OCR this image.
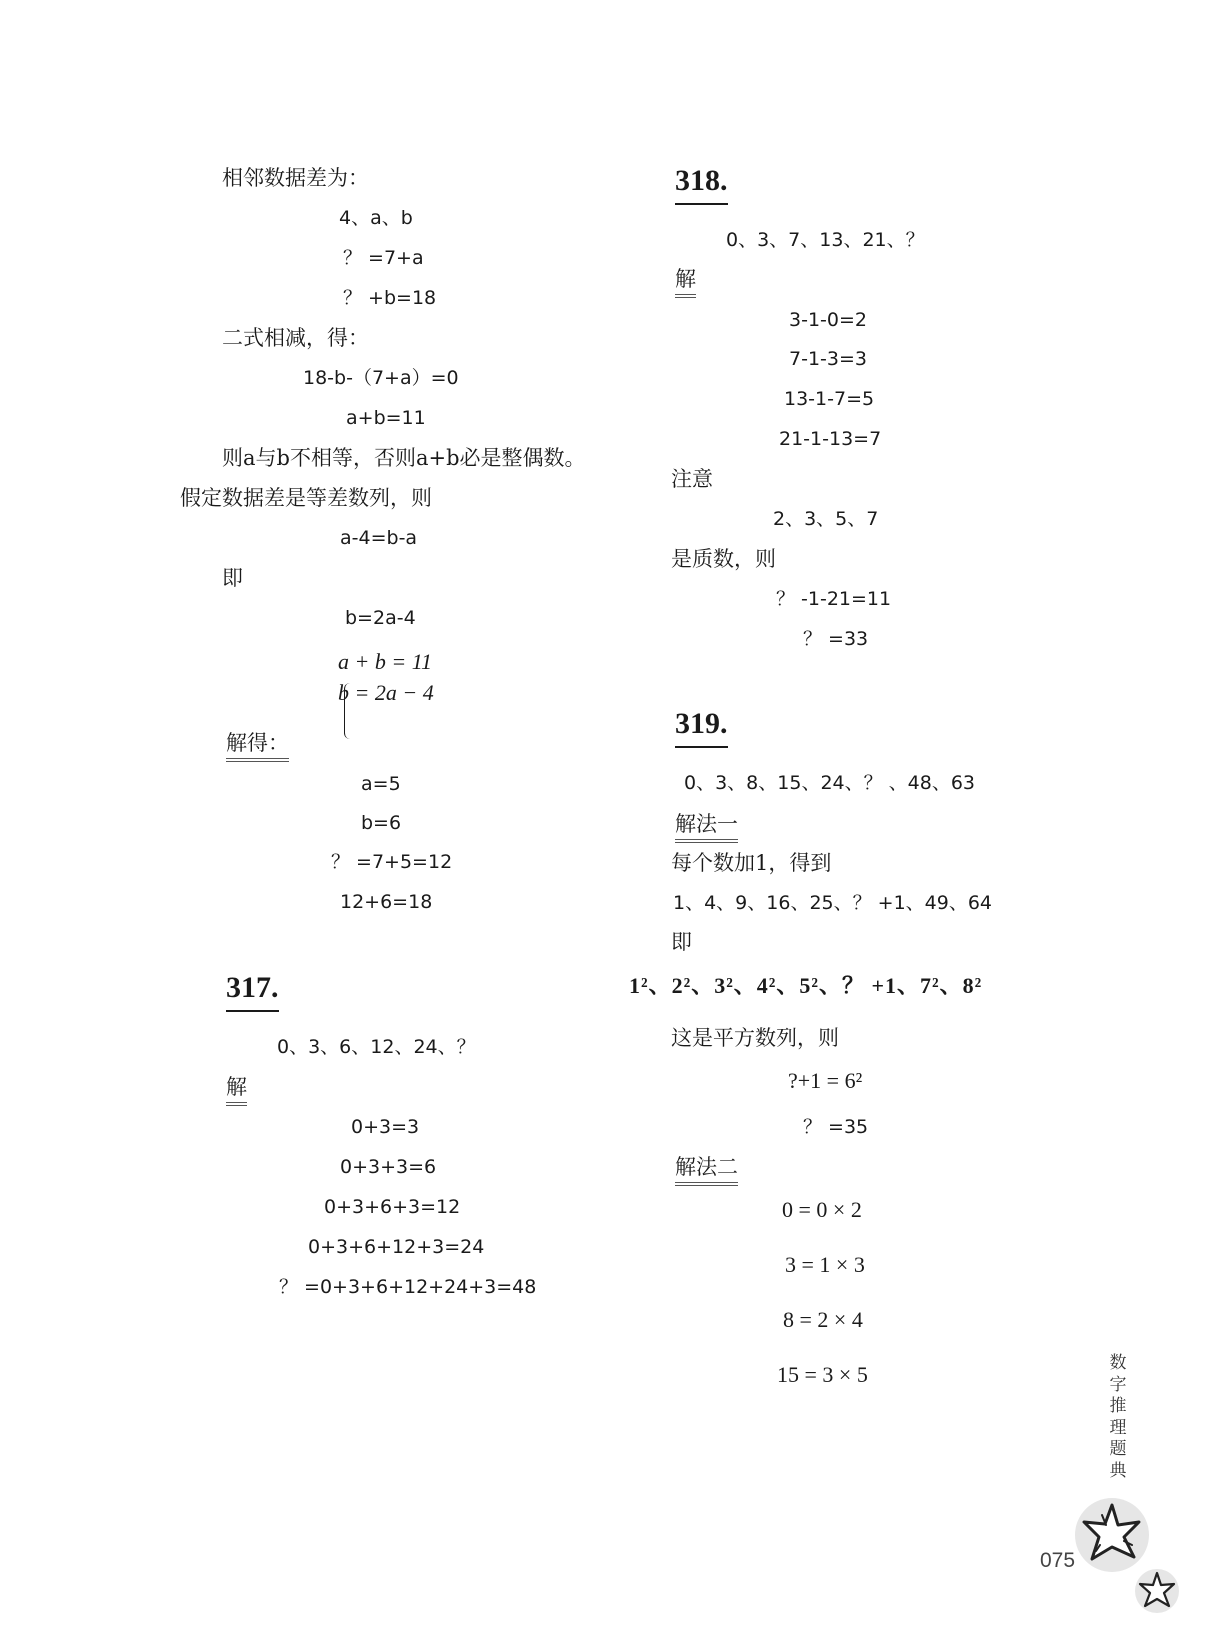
相邻数据差为：
4、a、b
？ =7+a
？ +b=18
二式相减，得：
18-b-（7+a）=0
a+b=11
则a与b不相等，否则a+b必是整偶数。
假定数据差是等差数列，则
a-4=b-a
即
b=2a-4
a + b = 11
b = 2a − 4
解得：
a=5
b=6
？ =7+5=12
12+6=18
317.
0、3、6、12、24、？
解
0+3=3
0+3+3=6
0+3+6+3=12
0+3+6+12+3=24
？ =0+3+6+12+24+3=48
318.
0、3、7、13、21、？
解
3-1-0=2
7-1-3=3
13-1-7=5
21-1-13=7
注意
2、3、5、7
是质数，则
？ -1-21=11
？ =33
319.
0、3、8、15、24、？ 、48、63
解法一
每个数加1，得到
1、4、9、16、25、？ +1、49、64
即
1²、2²、3²、4²、5²、？ +1、7²、8²
这是平方数列，则
?+1 = 6²
？ =35
解法二
0 = 0 × 2
3 = 1 × 3
8 = 2 × 4
15 = 3 × 5	数
字
推
理
题
典
075
